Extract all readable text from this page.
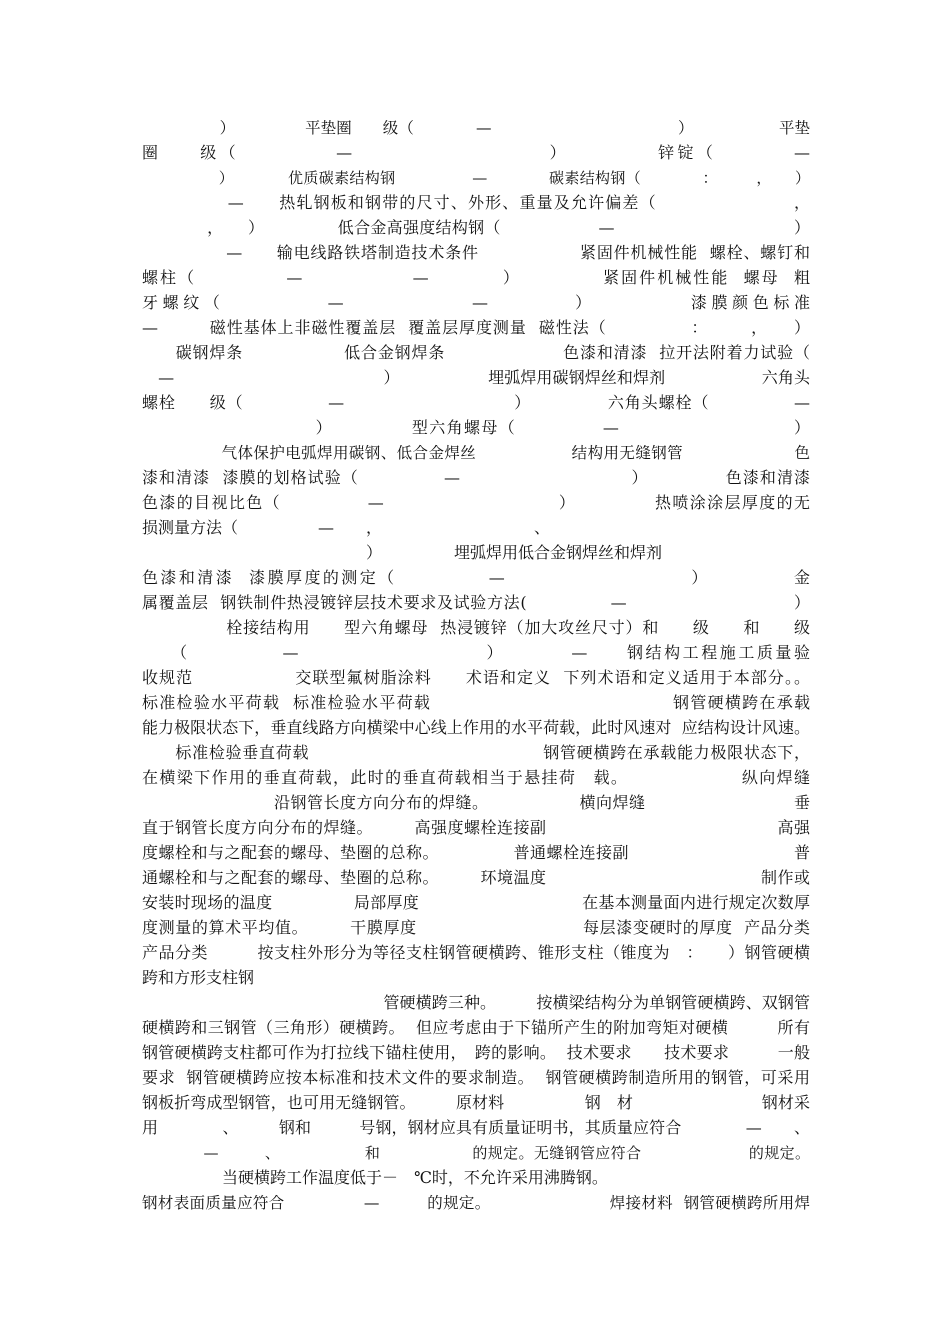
　　　　　）　　　　　平垫圈　　级（　　　　—　　　　　　　　　　　　）　　　　　　平垫
圈　　级（　　　　　—　　　　　　　　　　）　　　　　锌锭（　　　　—
　　　　　）　　　　优质碳素结构钢　　　　　—　　　　碳素结构钢（　　　　：　　　，　　）
　　　　　—　　热轧钢板和钢带的尺寸、外形、重量及允许偏差（　　　　　　　　，
　　　　，　　）　　　　　低合金高强度结构钢（　　　　　　—　　　　　　　　　　　）
　　　　　—　　输电线路铁塔制造技术条件　　　　　　紧固件机械性能  螺栓、螺钉和
螺柱（　　　　　—　　　　　　—　　　　）　　　　　紧固件机械性能  螺母  粗
牙螺纹（　　　　　—　　　　　　—　　　　）　　　　　漆膜颜色标准
—　　　磁性基体上非磁性覆盖层  覆盖层厚度测量  磁性法（　　　　　：　　　，　　）
　　碳钢焊条　　　　　　低合金钢焊条　　　　　　　色漆和清漆  拉开法附着力试验（
　—　　　　　　　　　　　　　）　　　　　　埋弧焊用碳钢焊丝和焊剂　　　　　　六角头
螺栓　　级（　　　　　—　　　　　　　　　　）　　　　　六角头螺栓（　　　　　—
　　　　　　　　　　）　　　　　型六角螺母（　　　　　—　　　　　　　　　　）
　　　　　气体保护电弧焊用碳钢、低合金焊丝　　　　　　结构用无缝钢管　　　　　　　色
漆和清漆  漆膜的划格试验（　　　　　—　　　　　　　　　　）　　　　　色漆和清漆
色漆的目视比色（　　　　　—　　　　　　　　　　）　　　　　热喷涂涂层厚度的无
损测量方法（　　　　　—　　，　　　　　　　　　　、
　　　　　　　　　　　　　　）　　　　　埋弧焊用低合金钢焊丝和焊剂
色漆和清漆  漆膜厚度的测定（　　　　　—　　　　　　　　　　）　　　　　金
属覆盖层  钢铁制件热浸镀锌层技术要求及试验方法(　　　　　—　　　　　　　　　　）
　　　　　栓接结构用　　型六角螺母  热浸镀锌（加大攻丝尺寸）和　　级　　和　　级
　　（　　　　　—　　　　　　　　　　）　　　　—　　钢结构工程施工质量验
收规范　　　　　　交联型氟树脂涂料　　术语和定义  下列术语和定义适用于本部分。。
标准检验水平荷载  标准检验水平荷载　　　　　　　　　　　　　　钢管硬横跨在承载
能力极限状态下，垂直线路方向横梁中心线上作用的水平荷载，此时风速对  应结构设计风速。
　　标准检验垂直荷载　　　　　　　　　　　　　　钢管硬横跨在承载能力极限状态下，
在横梁下作用的垂直荷载，此时的垂直荷载相当于悬挂荷　载。　　　　　　　纵向焊缝
　　　　　　　　沿钢管长度方向分布的焊缝。　　　　　　横向焊缝　　　　　　　　　垂
直于钢管长度方向分布的焊缝。　　　高强度螺栓连接副　　　　　　　　　　　　　　高强
度螺栓和与之配套的螺母、垫圈的总称。　　　　　普通螺栓连接副　　　　　　　　　　普
通螺栓和与之配套的螺母、垫圈的总称。　　　环境温度　　　　　　　　　　　　　制作或
安装时现场的温度　　　　　局部厚度　　　　　　　　　　在基本测量面内进行规定次数厚
度测量的算术平均值。　　　干膜厚度　　　　　　　　　　每层漆变硬时的厚度  产品分类
产品分类　　　按支柱外形分为等径支柱钢管硬横跨、锥形支柱（锥度为　：　　）钢管硬横
跨和方形支柱钢
　　　　　　　　　　　　　　　管硬横跨三种。　　　按横梁结构分为单钢管硬横跨、双钢管
硬横跨和三钢管（三角形）硬横跨。  但应考虑由于下锚所产生的附加弯矩对硬横　　　所有
钢管硬横跨支柱都可作为打拉线下锚柱使用，　跨的影响。  技术要求　　技术要求　　　一般
要求  钢管硬横跨应按本标准和技术文件的要求制造。  钢管硬横跨制造所用的钢管，可采用
钢板折弯成型钢管，也可用无缝钢管。　　　原材料　　　　　钢　材　　　　　　　　钢材采
用　　　　、　　　钢和　　　号钢，钢材应具有质量证明书，其质量应符合　　　　—　　、
　　　　—　　　、　　　　　　和　　　　　　的规定。无缝钢管应符合　　　　　　　的规定。
　　　　　当硬横跨工作温度低于－　℃时，不允许采用沸腾钢。
钢材表面质量应符合　　　　　—　　　的规定。　　　　　　　　焊接材料  钢管硬横跨所用焊
